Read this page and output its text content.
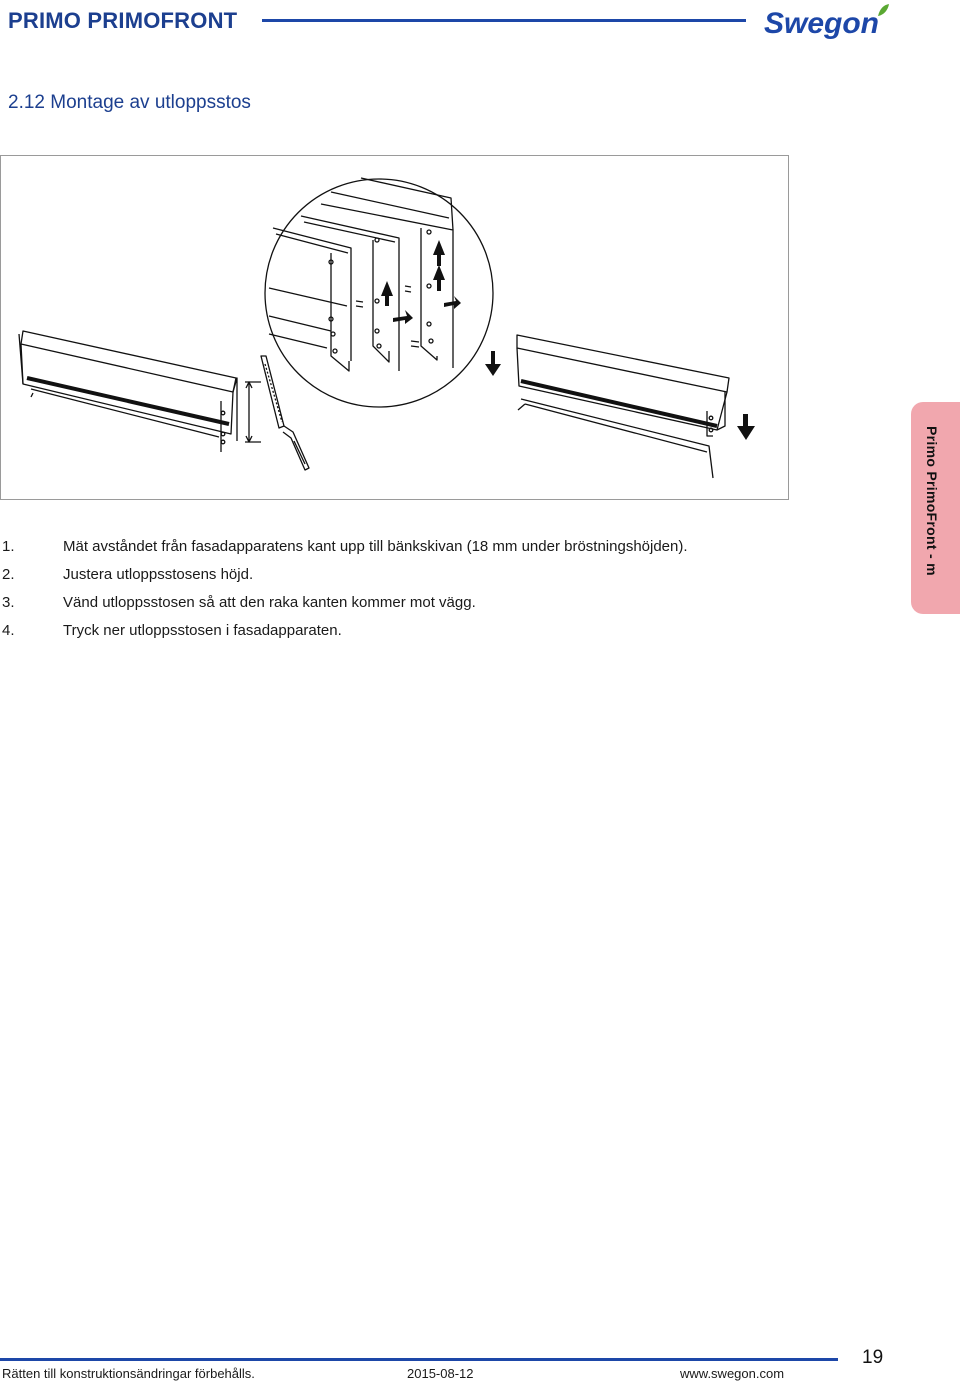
PRIMO PRIMOFRONT	Swegon
2.12 Montage av utloppsstos
1.	Mät avståndet från fasadapparatens kant upp till bänkskivan (18 mm under bröstningshöjden).
2.	Justera utloppsstosens höjd.
3.	Vänd utloppsstosen så att den raka kanten kommer mot vägg.
4.	Tryck ner utloppsstosen i fasadapparaten.
Primo PrimoFront - m
19
Rätten till konstruktionsändringar förbehålls.	2015-08-12	www.swegon.com
